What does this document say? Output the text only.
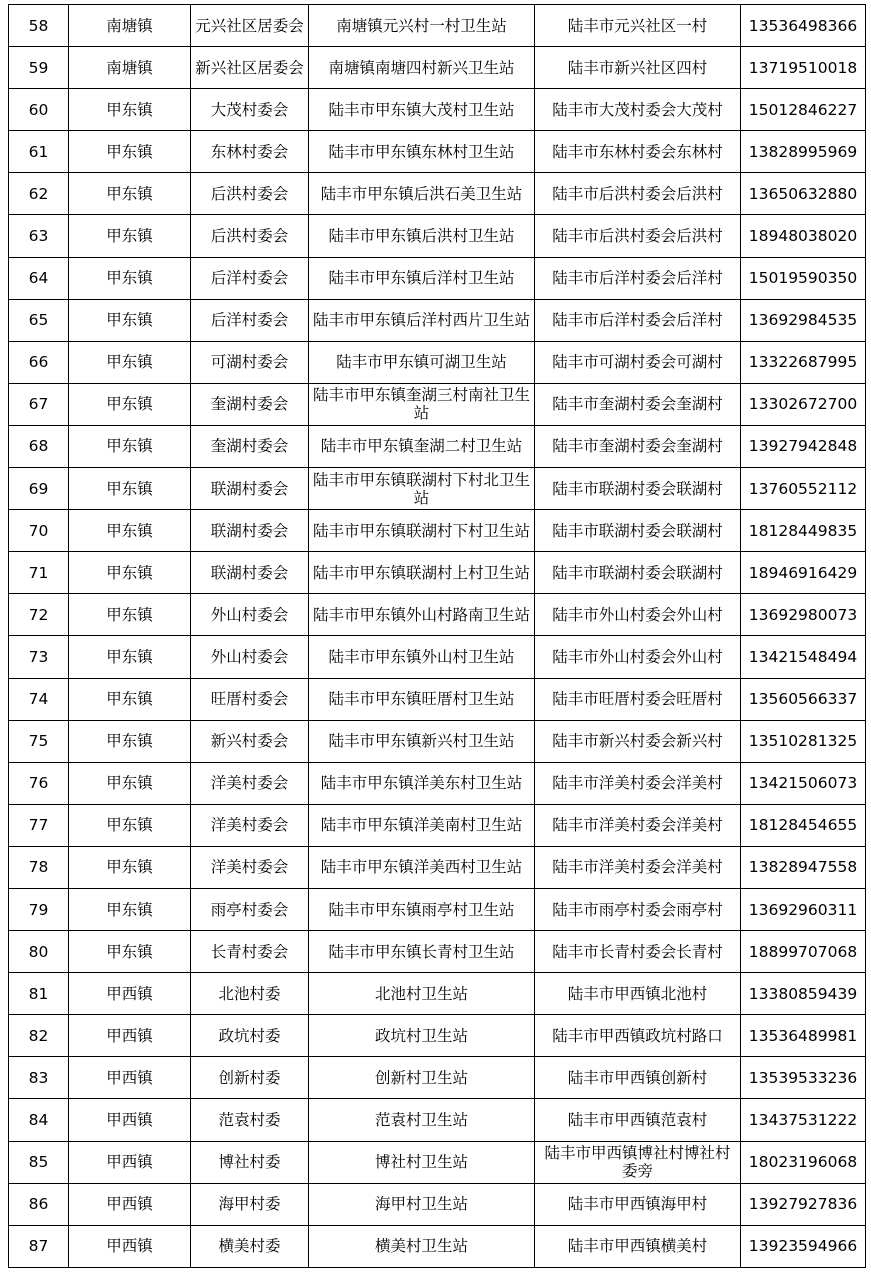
58	南塘镇	元兴社区居委会	南塘镇元兴村一村卫生站	陆丰市元兴社区一村	13536498366
59	南塘镇	新兴社区居委会	南塘镇南塘四村新兴卫生站	陆丰市新兴社区四村	13719510018
60	甲东镇	大茂村委会	陆丰市甲东镇大茂村卫生站	陆丰市大茂村委会大茂村	15012846227
61	甲东镇	东林村委会	陆丰市甲东镇东林村卫生站	陆丰市东林村委会东林村	13828995969
62	甲东镇	后洪村委会	陆丰市甲东镇后洪石美卫生站	陆丰市后洪村委会后洪村	13650632880
63	甲东镇	后洪村委会	陆丰市甲东镇后洪村卫生站	陆丰市后洪村委会后洪村	18948038020
64	甲东镇	后洋村委会	陆丰市甲东镇后洋村卫生站	陆丰市后洋村委会后洋村	15019590350
65	甲东镇	后洋村委会	陆丰市甲东镇后洋村西片卫生站	陆丰市后洋村委会后洋村	13692984535
66	甲东镇	可湖村委会	陆丰市甲东镇可湖卫生站	陆丰市可湖村委会可湖村	13322687995
67	甲东镇	奎湖村委会	陆丰市甲东镇奎湖三村南社卫生站	陆丰市奎湖村委会奎湖村	13302672700
68	甲东镇	奎湖村委会	陆丰市甲东镇奎湖二村卫生站	陆丰市奎湖村委会奎湖村	13927942848
69	甲东镇	联湖村委会	陆丰市甲东镇联湖村下村北卫生站	陆丰市联湖村委会联湖村	13760552112
70	甲东镇	联湖村委会	陆丰市甲东镇联湖村下村卫生站	陆丰市联湖村委会联湖村	18128449835
71	甲东镇	联湖村委会	陆丰市甲东镇联湖村上村卫生站	陆丰市联湖村委会联湖村	18946916429
72	甲东镇	外山村委会	陆丰市甲东镇外山村路南卫生站	陆丰市外山村委会外山村	13692980073
73	甲东镇	外山村委会	陆丰市甲东镇外山村卫生站	陆丰市外山村委会外山村	13421548494
74	甲东镇	旺厝村委会	陆丰市甲东镇旺厝村卫生站	陆丰市旺厝村委会旺厝村	13560566337
75	甲东镇	新兴村委会	陆丰市甲东镇新兴村卫生站	陆丰市新兴村委会新兴村	13510281325
76	甲东镇	洋美村委会	陆丰市甲东镇洋美东村卫生站	陆丰市洋美村委会洋美村	13421506073
77	甲东镇	洋美村委会	陆丰市甲东镇洋美南村卫生站	陆丰市洋美村委会洋美村	18128454655
78	甲东镇	洋美村委会	陆丰市甲东镇洋美西村卫生站	陆丰市洋美村委会洋美村	13828947558
79	甲东镇	雨亭村委会	陆丰市甲东镇雨亭村卫生站	陆丰市雨亭村委会雨亭村	13692960311
80	甲东镇	长青村委会	陆丰市甲东镇长青村卫生站	陆丰市长青村委会长青村	18899707068
81	甲西镇	北池村委	北池村卫生站	陆丰市甲西镇北池村	13380859439
82	甲西镇	政坑村委	政坑村卫生站	陆丰市甲西镇政坑村路口	13536489981
83	甲西镇	创新村委	创新村卫生站	陆丰市甲西镇创新村	13539533236
84	甲西镇	范袁村委	范袁村卫生站	陆丰市甲西镇范袁村	13437531222
85	甲西镇	博社村委	博社村卫生站	陆丰市甲西镇博社村博社村委旁	18023196068
86	甲西镇	海甲村委	海甲村卫生站	陆丰市甲西镇海甲村	13927927836
87	甲西镇	横美村委	横美村卫生站	陆丰市甲西镇横美村	13923594966
